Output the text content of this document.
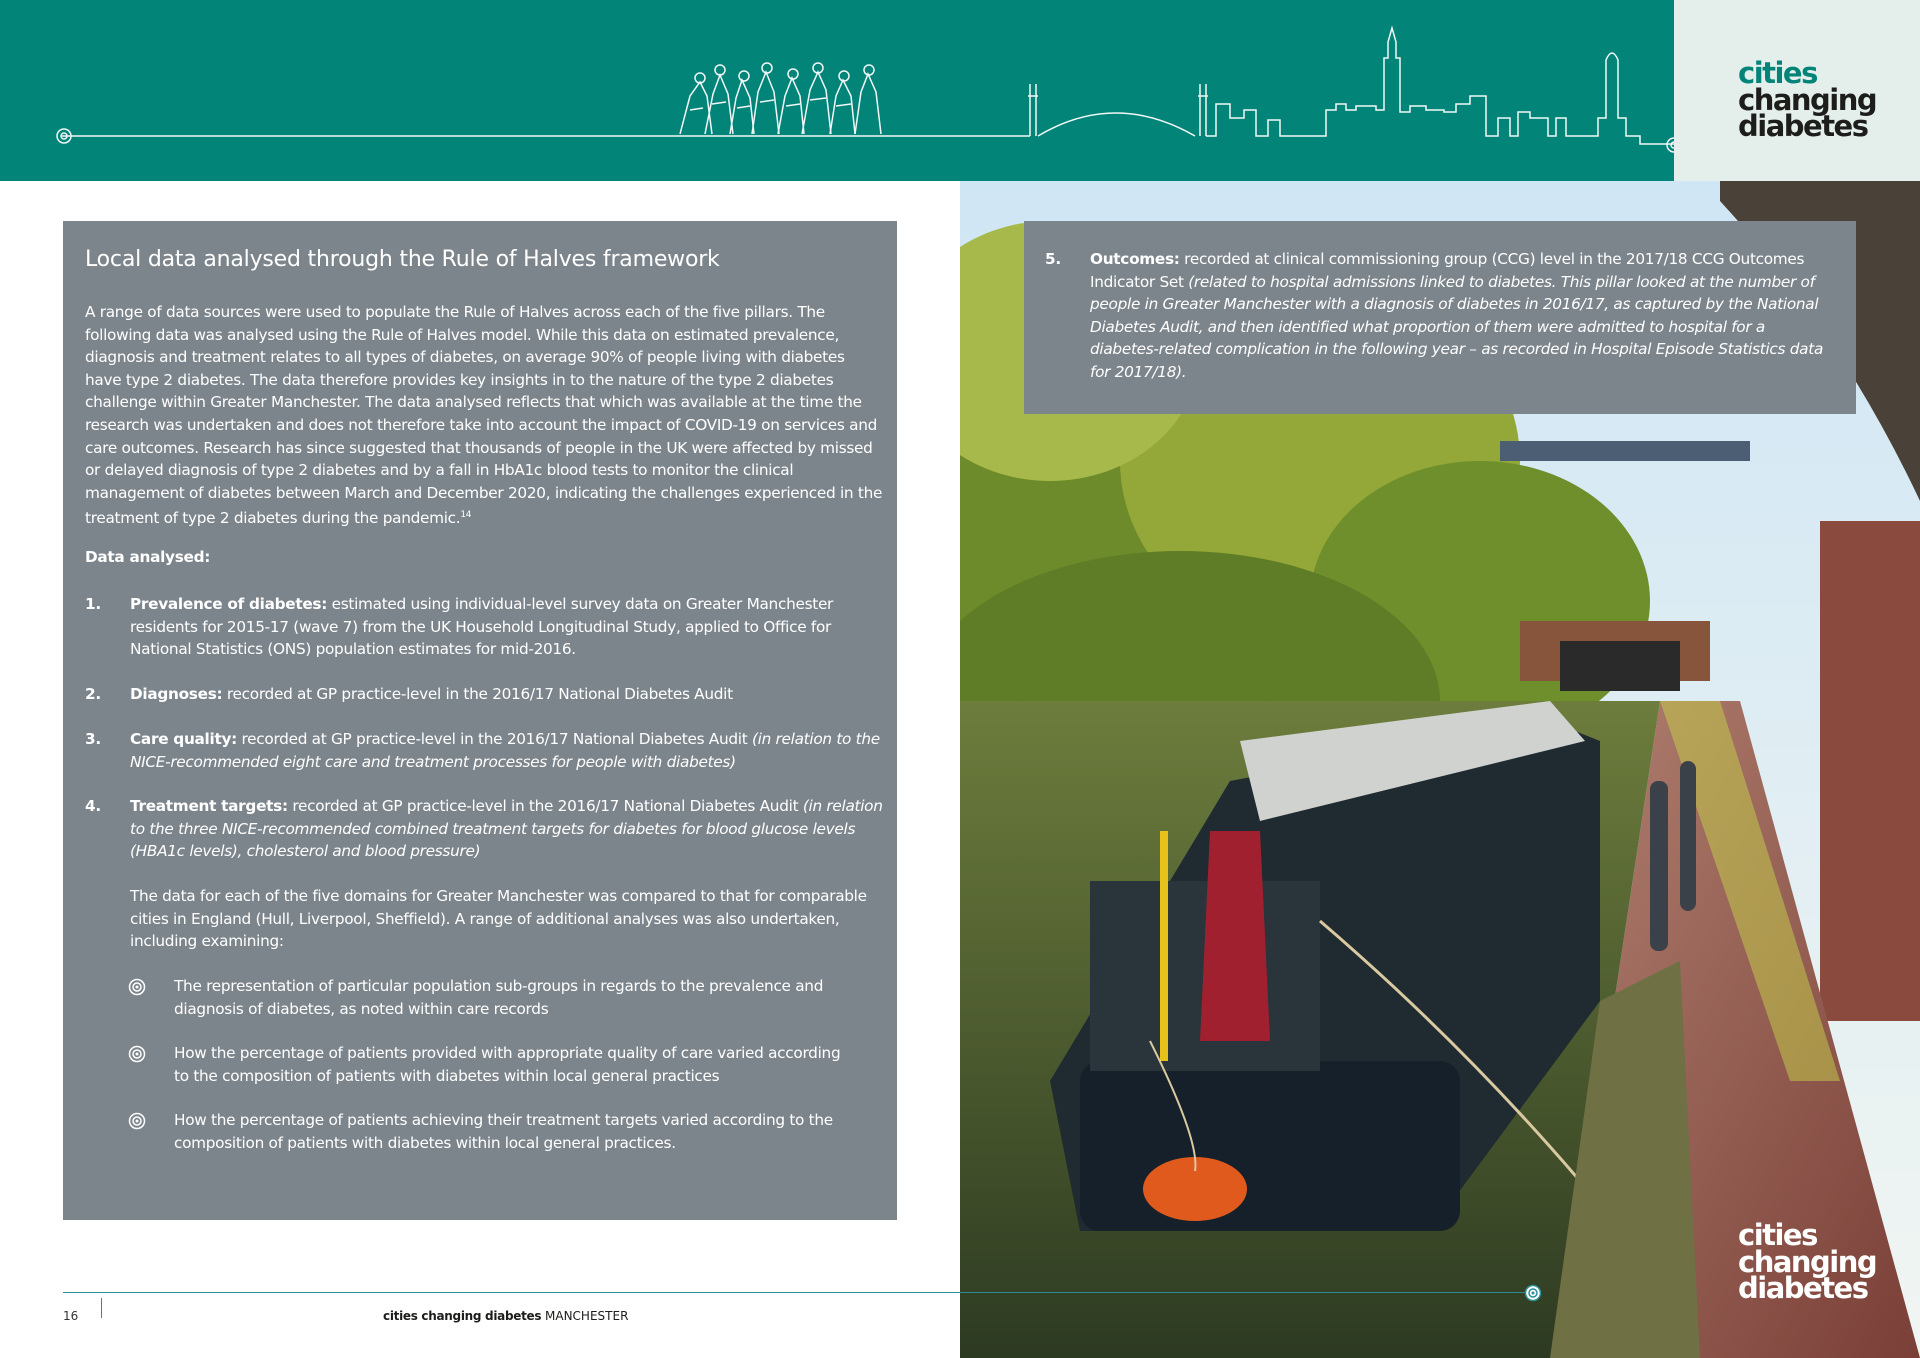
cities
changing
diabetes
Local data analysed through the Rule of Halves framework
A range of data sources were used to populate the Rule of Halves across each of the five pillars. The following data was analysed using the Rule of Halves model. While this data on estimated prevalence, diagnosis and treatment relates to all types of diabetes, on average 90% of people living with diabetes have type 2 diabetes. The data therefore provides key insights in to the nature of the type 2 diabetes challenge within Greater Manchester. The data analysed reflects that which was available at the time the research was undertaken and does not therefore take into account the impact of COVID-19 on services and care outcomes. Research has since suggested that thousands of people in the UK were affected by missed or delayed diagnosis of type 2 diabetes and by a fall in HbA1c blood tests to monitor the clinical management of diabetes between March and December 2020, indicating the challenges experienced in the treatment of type 2 diabetes during the pandemic.$^{14}$
Data analysed:
1. Prevalence of diabetes: estimated using individual-level survey data on Greater Manchester residents for 2015-17 (wave 7) from the UK Household Longitudinal Study, applied to Office for National Statistics (ONS) population estimates for mid-2016.
2. Diagnoses: recorded at GP practice-level in the 2016/17 National Diabetes Audit
3. Care quality: recorded at GP practice-level in the 2016/17 National Diabetes Audit (in relation to the NICE-recommended eight care and treatment processes for people with diabetes)
4. Treatment targets: recorded at GP practice-level in the 2016/17 National Diabetes Audit (in relation to the three NICE-recommended combined treatment targets for diabetes for blood glucose levels (HBA1c levels), cholesterol and blood pressure)
The data for each of the five domains for Greater Manchester was compared to that for comparable cities in England (Hull, Liverpool, Sheffield). A range of additional analyses was also undertaken, including examining:
The representation of particular population sub-groups in regards to the prevalence and diagnosis of diabetes, as noted within care records
How the percentage of patients provided with appropriate quality of care varied according to the composition of patients with diabetes within local general practices
How the percentage of patients achieving their treatment targets varied according to the composition of patients with diabetes within local general practices.
5. Outcomes: recorded at clinical commissioning group (CCG) level in the 2017/18 CCG Outcomes Indicator Set (related to hospital admissions linked to diabetes. This pillar looked at the number of people in Greater Manchester with a diagnosis of diabetes in 2016/17, as captured by the National Diabetes Audit, and then identified what proportion of them were admitted to hospital for a diabetes-related complication in the following year – as recorded in Hospital Episode Statistics data for 2017/18).
cities
changing
diabetes
16	cities changing diabetes MANCHESTER
